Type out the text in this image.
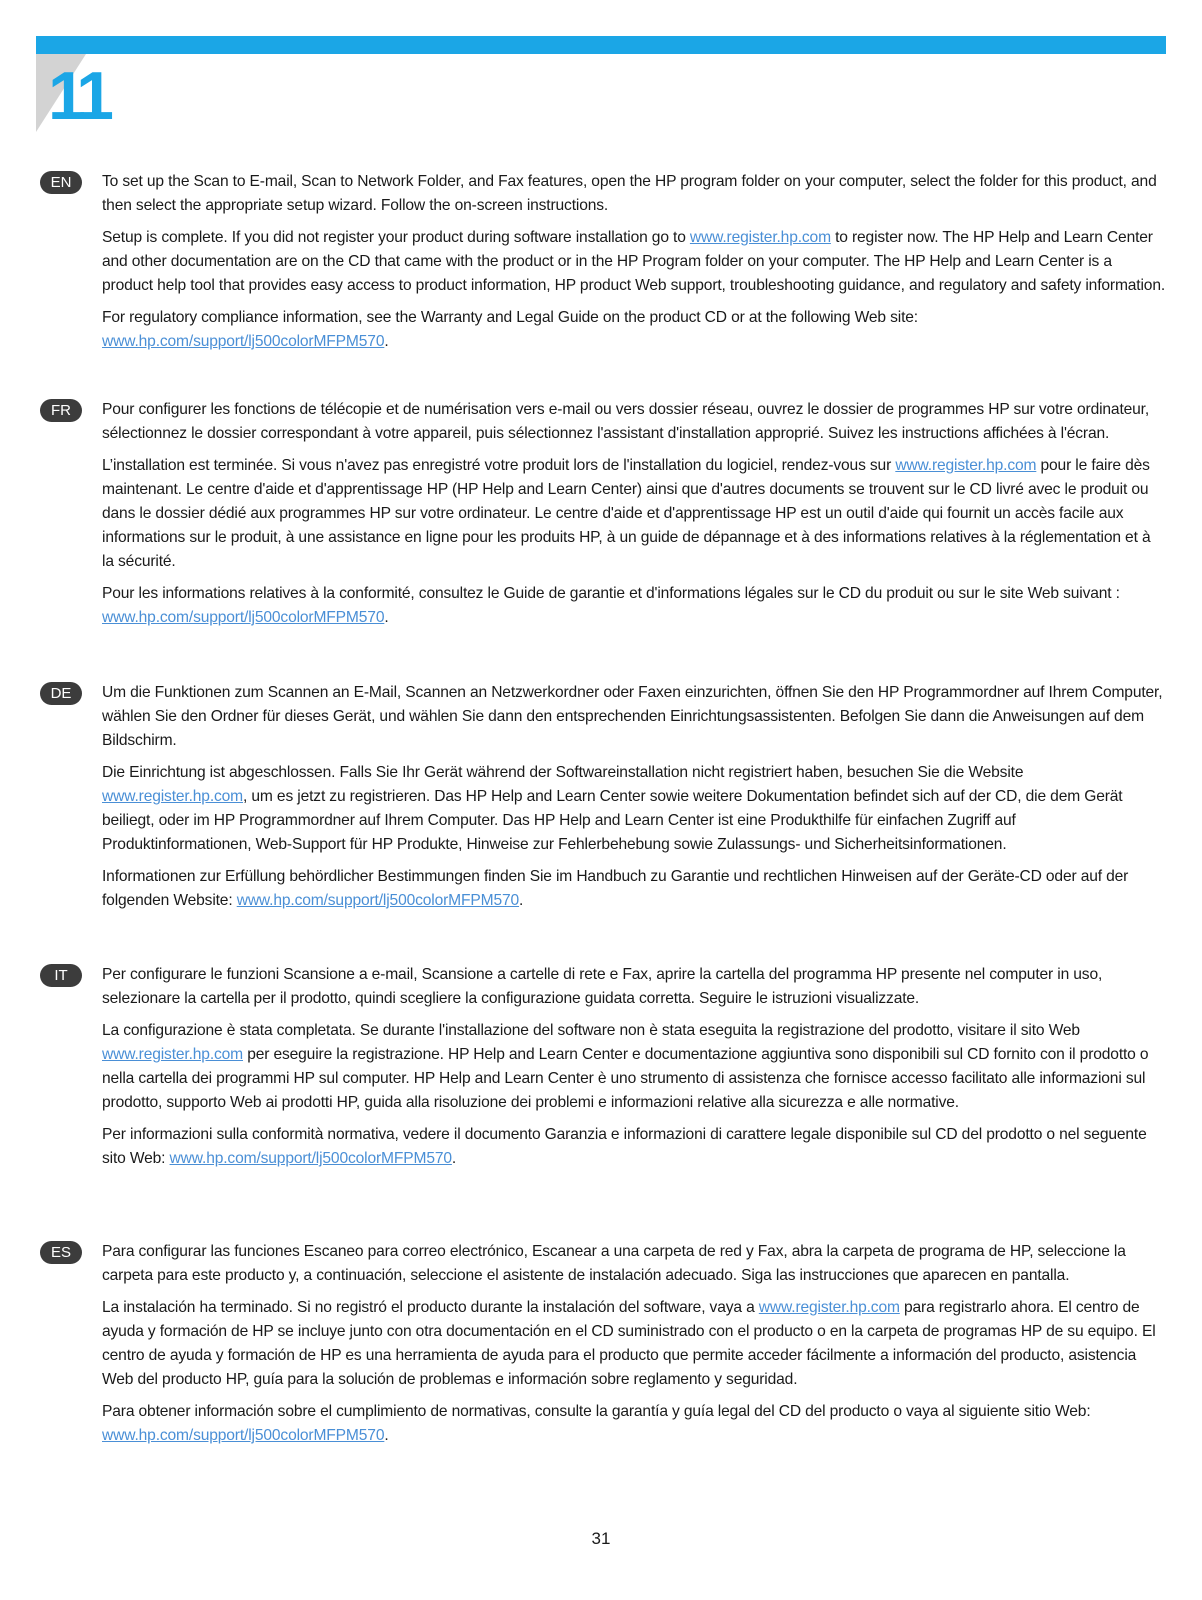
11
EN	To set up the Scan to E-mail, Scan to Network Folder, and Fax features, open the HP program folder on your computer, select the folder for this product, and then select the appropriate setup wizard. Follow the on-screen instructions.

Setup is complete. If you did not register your product during software installation go to www.register.hp.com to register now. The HP Help and Learn Center and other documentation are on the CD that came with the product or in the HP Program folder on your computer. The HP Help and Learn Center is a product help tool that provides easy access to product information, HP product Web support, troubleshooting guidance, and regulatory and safety information.

For regulatory compliance information, see the Warranty and Legal Guide on the product CD or at the following Web site: www.hp.com/support/lj500colorMFPM570.

FR	Pour configurer les fonctions de télécopie et de numérisation vers e-mail ou vers dossier réseau, ouvrez le dossier de programmes HP sur votre ordinateur, sélectionnez le dossier correspondant à votre appareil, puis sélectionnez l'assistant d'installation approprié. Suivez les instructions affichées à l'écran.

L’installation est terminée. Si vous n'avez pas enregistré votre produit lors de l'installation du logiciel, rendez-vous sur www.register.hp.com pour le faire dès maintenant. Le centre d'aide et d'apprentissage HP (HP Help and Learn Center) ainsi que d'autres documents se trouvent sur le CD livré avec le produit ou dans le dossier dédié aux programmes HP sur votre ordinateur. Le centre d'aide et d'apprentissage HP est un outil d'aide qui fournit un accès facile aux informations sur le produit, à une assistance en ligne pour les produits HP, à un guide de dépannage et à des informations relatives à la réglementation et à la sécurité.

Pour les informations relatives à la conformité, consultez le Guide de garantie et d'informations légales sur le CD du produit ou sur le site Web suivant : www.hp.com/support/lj500colorMFPM570.

DE	Um die Funktionen zum Scannen an E-Mail, Scannen an Netzwerkordner oder Faxen einzurichten, öffnen Sie den HP Programmordner auf Ihrem Computer, wählen Sie den Ordner für dieses Gerät, und wählen Sie dann den entsprechenden Einrichtungsassistenten. Befolgen Sie dann die Anweisungen auf dem Bildschirm.

Die Einrichtung ist abgeschlossen. Falls Sie Ihr Gerät während der Softwareinstallation nicht registriert haben, besuchen Sie die Website www.register.hp.com, um es jetzt zu registrieren. Das HP Help and Learn Center sowie weitere Dokumentation befindet sich auf der CD, die dem Gerät beiliegt, oder im HP Programmordner auf Ihrem Computer. Das HP Help and Learn Center ist eine Produkthilfe für einfachen Zugriff auf Produktinformationen, Web-Support für HP Produkte, Hinweise zur Fehlerbehebung sowie Zulassungs- und Sicherheitsinformationen.

Informationen zur Erfüllung behördlicher Bestimmungen finden Sie im Handbuch zu Garantie und rechtlichen Hinweisen auf der Geräte-CD oder auf der folgenden Website: www.hp.com/support/lj500colorMFPM570.

IT	Per configurare le funzioni Scansione a e-mail, Scansione a cartelle di rete e Fax, aprire la cartella del programma HP presente nel computer in uso, selezionare la cartella per il prodotto, quindi scegliere la configurazione guidata corretta. Seguire le istruzioni visualizzate.

La configurazione è stata completata. Se durante l'installazione del software non è stata eseguita la registrazione del prodotto, visitare il sito Web www.register.hp.com per eseguire la registrazione. HP Help and Learn Center e documentazione aggiuntiva sono disponibili sul CD fornito con il prodotto o nella cartella dei programmi HP sul computer. HP Help and Learn Center è uno strumento di assistenza che fornisce accesso facilitato alle informazioni sul prodotto, supporto Web ai prodotti HP, guida alla risoluzione dei problemi e informazioni relative alla sicurezza e alle normative.

Per informazioni sulla conformità normativa, vedere il documento Garanzia e informazioni di carattere legale disponibile sul CD del prodotto o nel seguente sito Web: www.hp.com/support/lj500colorMFPM570.

ES	Para configurar las funciones Escaneo para correo electrónico, Escanear a una carpeta de red y Fax, abra la carpeta de programa de HP, seleccione la carpeta para este producto y, a continuación, seleccione el asistente de instalación adecuado. Siga las instrucciones que aparecen en pantalla.

La instalación ha terminado. Si no registró el producto durante la instalación del software, vaya a www.register.hp.com para registrarlo ahora. El centro de ayuda y formación de HP se incluye junto con otra documentación en el CD suministrado con el producto o en la carpeta de programas HP de su equipo. El centro de ayuda y formación de HP es una herramienta de ayuda para el producto que permite acceder fácilmente a información del producto, asistencia Web del producto HP, guía para la solución de problemas e información sobre reglamento y seguridad.

Para obtener información sobre el cumplimiento de normativas, consulte la garantía y guía legal del CD del producto o vaya al siguiente sitio Web: www.hp.com/support/lj500colorMFPM570.

31
